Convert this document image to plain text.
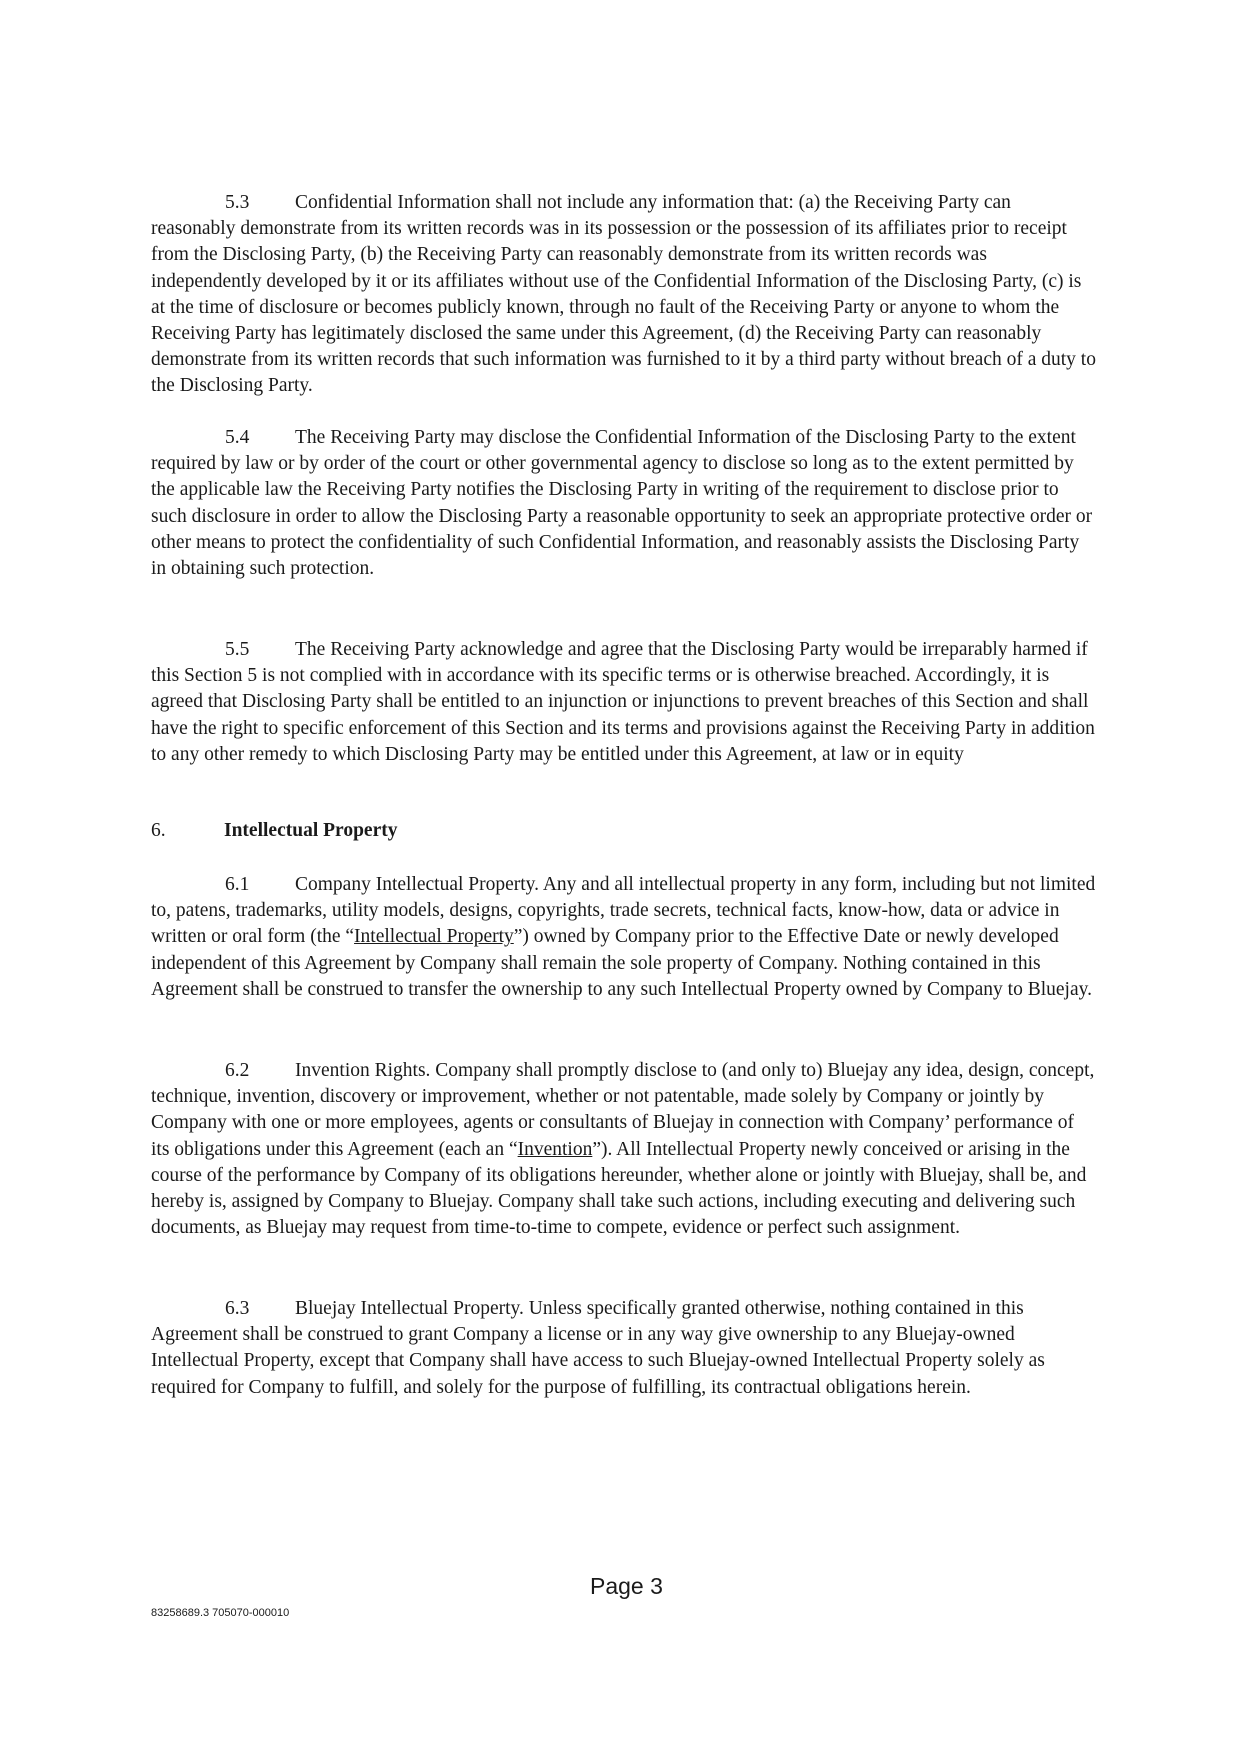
5.3 Confidential Information shall not include any information that: (a) the Receiving Party can reasonably demonstrate from its written records was in its possession or the possession of its affiliates prior to receipt from the Disclosing Party, (b) the Receiving Party can reasonably demonstrate from its written records was independently developed by it or its affiliates without use of the Confidential Information of the Disclosing Party, (c) is at the time of disclosure or becomes publicly known, through no fault of the Receiving Party or anyone to whom the Receiving Party has legitimately disclosed the same under this Agreement, (d) the Receiving Party can reasonably demonstrate from its written records that such information was furnished to it by a third party without breach of a duty to the Disclosing Party.

5.4 The Receiving Party may disclose the Confidential Information of the Disclosing Party to the extent required by law or by order of the court or other governmental agency to disclose so long as to the extent permitted by the applicable law the Receiving Party notifies the Disclosing Party in writing of the requirement to disclose prior to such disclosure in order to allow the Disclosing Party a reasonable opportunity to seek an appropriate protective order or other means to protect the confidentiality of such Confidential Information, and reasonably assists the Disclosing Party in obtaining such protection.

5.5 The Receiving Party acknowledge and agree that the Disclosing Party would be irreparably harmed if this Section 5 is not complied with in accordance with its specific terms or is otherwise breached. Accordingly, it is agreed that Disclosing Party shall be entitled to an injunction or injunctions to prevent breaches of this Section and shall have the right to specific enforcement of this Section and its terms and provisions against the Receiving Party in addition to any other remedy to which Disclosing Party may be entitled under this Agreement, at law or in equity

6.	Intellectual Property

6.1 Company Intellectual Property. Any and all intellectual property in any form, including but not limited to, patens, trademarks, utility models, designs, copyrights, trade secrets, technical facts, know-how, data or advice in written or oral form (the “Intellectual Property”) owned by Company prior to the Effective Date or newly developed independent of this Agreement by Company shall remain the sole property of Company. Nothing contained in this Agreement shall be construed to transfer the ownership to any such Intellectual Property owned by Company to Bluejay.

6.2 Invention Rights. Company shall promptly disclose to (and only to) Bluejay any idea, design, concept, technique, invention, discovery or improvement, whether or not patentable, made solely by Company or jointly by Company with one or more employees, agents or consultants of Bluejay in connection with Company’ performance of its obligations under this Agreement (each an “Invention”). All Intellectual Property newly conceived or arising in the course of the performance by Company of its obligations hereunder, whether alone or jointly with Bluejay, shall be, and hereby is, assigned by Company to Bluejay. Company shall take such actions, including executing and delivering such documents, as Bluejay may request from time-to-time to compete, evidence or perfect such assignment.

6.3 Bluejay Intellectual Property. Unless specifically granted otherwise, nothing contained in this Agreement shall be construed to grant Company a license or in any way give ownership to any Bluejay-owned Intellectual Property, except that Company shall have access to such Bluejay-owned Intellectual Property solely as required for Company to fulfill, and solely for the purpose of fulfilling, its contractual obligations herein.

Page 3
83258689.3 705070-000010
